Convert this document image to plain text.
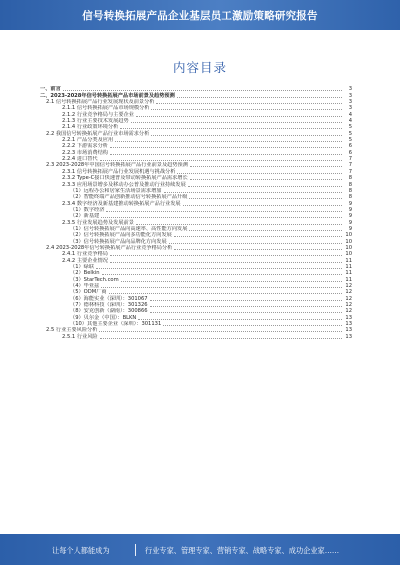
信号转换拓展产品企业基层员工激励策略研究报告
内容目录
一、前言	3
二、2023-2028年信号转换拓展产品市场前景及趋势预测	3
2.1 信号转换拓展产品行业发展现状及前景分析	3
2.1.1 信号转换拓展产品市场规模分析	3
2.1.2 行业竞争格局与主要企业	4
2.1.3 行业主要技术发展趋势	4
2.1.4 行业政策环境分析	5
2.2 我国信号转换拓展产品行业市场需求分析	5
2.2.1 产品分类及应用	5
2.2.2 下游需求分析	6
2.2.3 市场消费结构	6
2.2.4 进口替代	7
2.3 2023-2028年中国信号转换拓展产品行业前景及趋势预测	7
2.3.1 信号转换拓展产品行业发展机遇与挑战分析	7
2.3.2 Type-C接口快速普及带动转换拓展产品需求增长	8
2.3.3 应用场景增多及移动办公普及推动行业持续发展	8
（1）远程办公和居家生活场景需求增加	8
（2）智能终端产品创新推动信号转换拓展产品升级	8
2.3.4 数字经济及新基建推动转换拓展产品行业发展	9
（1）数字经济	9
（2）新基建	9
2.3.5 行业发展趋势及发展前景	9
（1）信号转换拓展产品向高速率、高性能方向发展	9
（2）信号转换拓展产品向多功能化方向发展	10
（3）信号转换拓展产品向品牌化方向发展	10
2.4 2023-2028年信号转换拓展产品行业竞争格局分析	10
2.4.1 行业竞争格局	10
2.4.2 主要企业情况	11
（1）绿联	11
（2）Belkin	11
（3）StarTech.com	11
（4）毕亚兹	12
（5）ODM厂商	12
（6）海能实业（深圳）：301067	12
（7）德林科技（深圳）：301326	12
（8）安克创新（湖南）：300866	12
（9）贝尔金（中国）：BLKN	13
（10）其他主要企业（深圳）：301131	13
2.5 行业主要风险分析	13
2.5.1 行业风险	13
让每个人都能成为	行业专家、管理专家、营销专家、战略专家、成功企业家……
